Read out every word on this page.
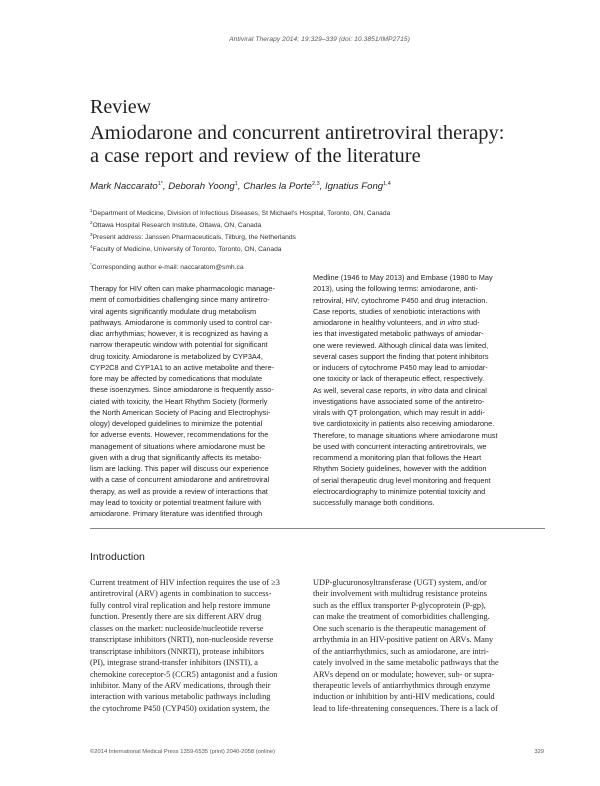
Antiviral Therapy 2014; 19:329–339 (doi: 10.3851/IMP2715)
Review
Amiodarone and concurrent antiretroviral therapy:
a case report and review of the literature
Mark Naccarato$^{1*}$, Deborah Yoong$^1$, Charles la Porte$^{2,3}$, Ignatius Fong$^{1,4}$
$^1$Department of Medicine, Division of Infectious Diseases, St Michael's Hospital, Toronto, ON, Canada
$^2$Ottawa Hospital Research Institute, Ottawa, ON, Canada
$^3$Present address: Janssen Pharmaceuticals, Tilburg, the Netherlands
$^4$Faculty of Medicine, University of Toronto, Toronto, ON, Canada
*Corresponding author e-mail: naccaratom@smh.ca
Therapy for HIV often can make pharmacologic manage-
ment of comorbidities challenging since many antiretro-
viral agents significantly modulate drug metabolism
pathways. Amiodarone is commonly used to control car-
diac arrhythmias; however, it is recognized as having a
narrow therapeutic window with potential for significant
drug toxicity. Amiodarone is metabolized by CYP3A4,
CYP2C8 and CYP1A1 to an active metabolite and there-
fore may be affected by comedications that modulate
these isoenzymes. Since amiodarone is frequently asso-
ciated with toxicity, the Heart Rhythm Society (formerly
the North American Society of Pacing and Electrophysi-
ology) developed guidelines to minimize the potential
for adverse events. However, recommendations for the
management of situations where amiodarone must be
given with a drug that significantly affects its metabo-
lism are lacking. This paper will discuss our experience
with a case of concurrent amiodarone and antiretroviral
therapy, as well as provide a review of interactions that
may lead to toxicity or potential treatment failure with
amiodarone. Primary literature was identified through
Medline (1946 to May 2013) and Embase (1980 to May
2013), using the following terms: amiodarone, anti-
retroviral, HIV, cytochrome P450 and drug interaction.
Case reports, studies of xenobiotic interactions with
amiodarone in healthy volunteers, and in vitro stud-
ies that investigated metabolic pathways of amiodar-
one were reviewed. Although clinical data was limited,
several cases support the finding that potent inhibitors
or inducers of cytochrome P450 may lead to amiodar-
one toxicity or lack of therapeutic effect, respectively.
As well, several case reports, in vitro data and clinical
investigations have associated some of the antiretro-
virals with QT prolongation, which may result in addi-
tive cardiotoxicity in patients also receiving amiodarone.
Therefore, to manage situations where amiodarone must
be used with concurrent interacting antiretrovirals, we
recommend a monitoring plan that follows the Heart
Rhythm Society guidelines, however with the addition
of serial therapeutic drug level monitoring and frequent
electrocardiography to minimize potential toxicity and
successfully manage both conditions.
Introduction
Current treatment of HIV infection requires the use of ≥3
antiretroviral (ARV) agents in combination to success-
fully control viral replication and help restore immune
function. Presently there are six different ARV drug
classes on the market: nucleoside/nucleotide reverse
transcriptase inhibitors (NRTI), non-nucleoside reverse
transcriptase inhibitors (NNRTI), protease inhibitors
(PI), integrase strand-transfer inhibitors (INSTI), a
chemokine coreceptor-5 (CCR5) antagonist and a fusion
inhibitor. Many of the ARV medications, through their
interaction with various metabolic pathways including
the cytochrome P450 (CYP450) oxidation system, the
UDP-glucuronosyltransferase (UGT) system, and/or
their involvement with multidrug resistance proteins
such as the efflux transporter P-glycoprotein (P-gp),
can make the treatment of comorbidities challenging.
One such scenario is the therapeutic management of
arrhythmia in an HIV-positive patient on ARVs. Many
of the antiarrhythmics, such as amiodarone, are intri-
cately involved in the same metabolic pathways that the
ARVs depend on or modulate; however, sub- or supra-
therapeutic levels of antiarrhythmics through enzyme
induction or inhibition by anti-HIV medications, could
lead to life-threatening consequences. There is a lack of
©2014 International Medical Press 1359-6535 (print) 2040-2058 (online)	329
